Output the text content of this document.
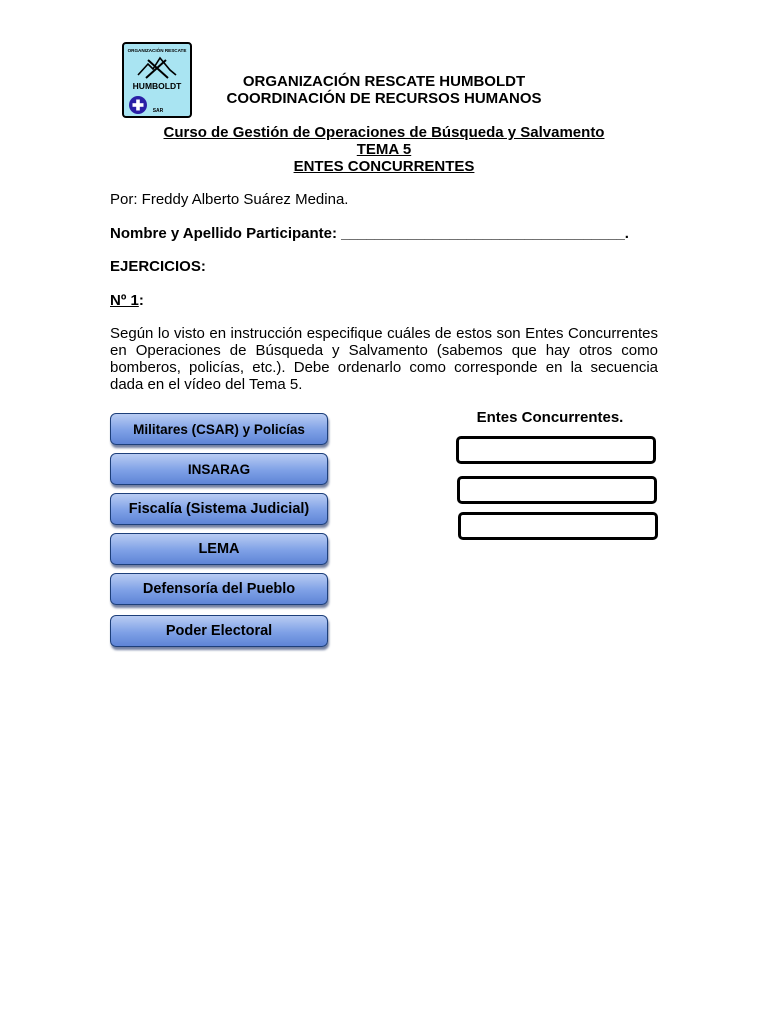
ORGANIZACIÓN RESCATE
HUMBOLDT
SAR
ORGANIZACIÓN RESCATE HUMBOLDT
COORDINACIÓN DE RECURSOS HUMANOS
Curso de Gestión de Operaciones de Búsqueda y Salvamento
TEMA 5
ENTES CONCURRENTES
Por: Freddy Alberto Suárez Medina.
Nombre y Apellido Participante: __________________________________.
EJERCICIOS:
Nº 1:
Según lo visto en instrucción especifique cuáles de estos son Entes Concurrentes en Operaciones de Búsqueda y Salvamento (sabemos que hay otros como bomberos, policías, etc.). Debe ordenarlo como corresponde en la secuencia dada en el vídeo del Tema 5.
Militares (CSAR) y Policías
INSARAG
Fiscalía (Sistema Judicial)
LEMA
Defensoría del Pueblo
Poder Electoral
Entes Concurrentes.
